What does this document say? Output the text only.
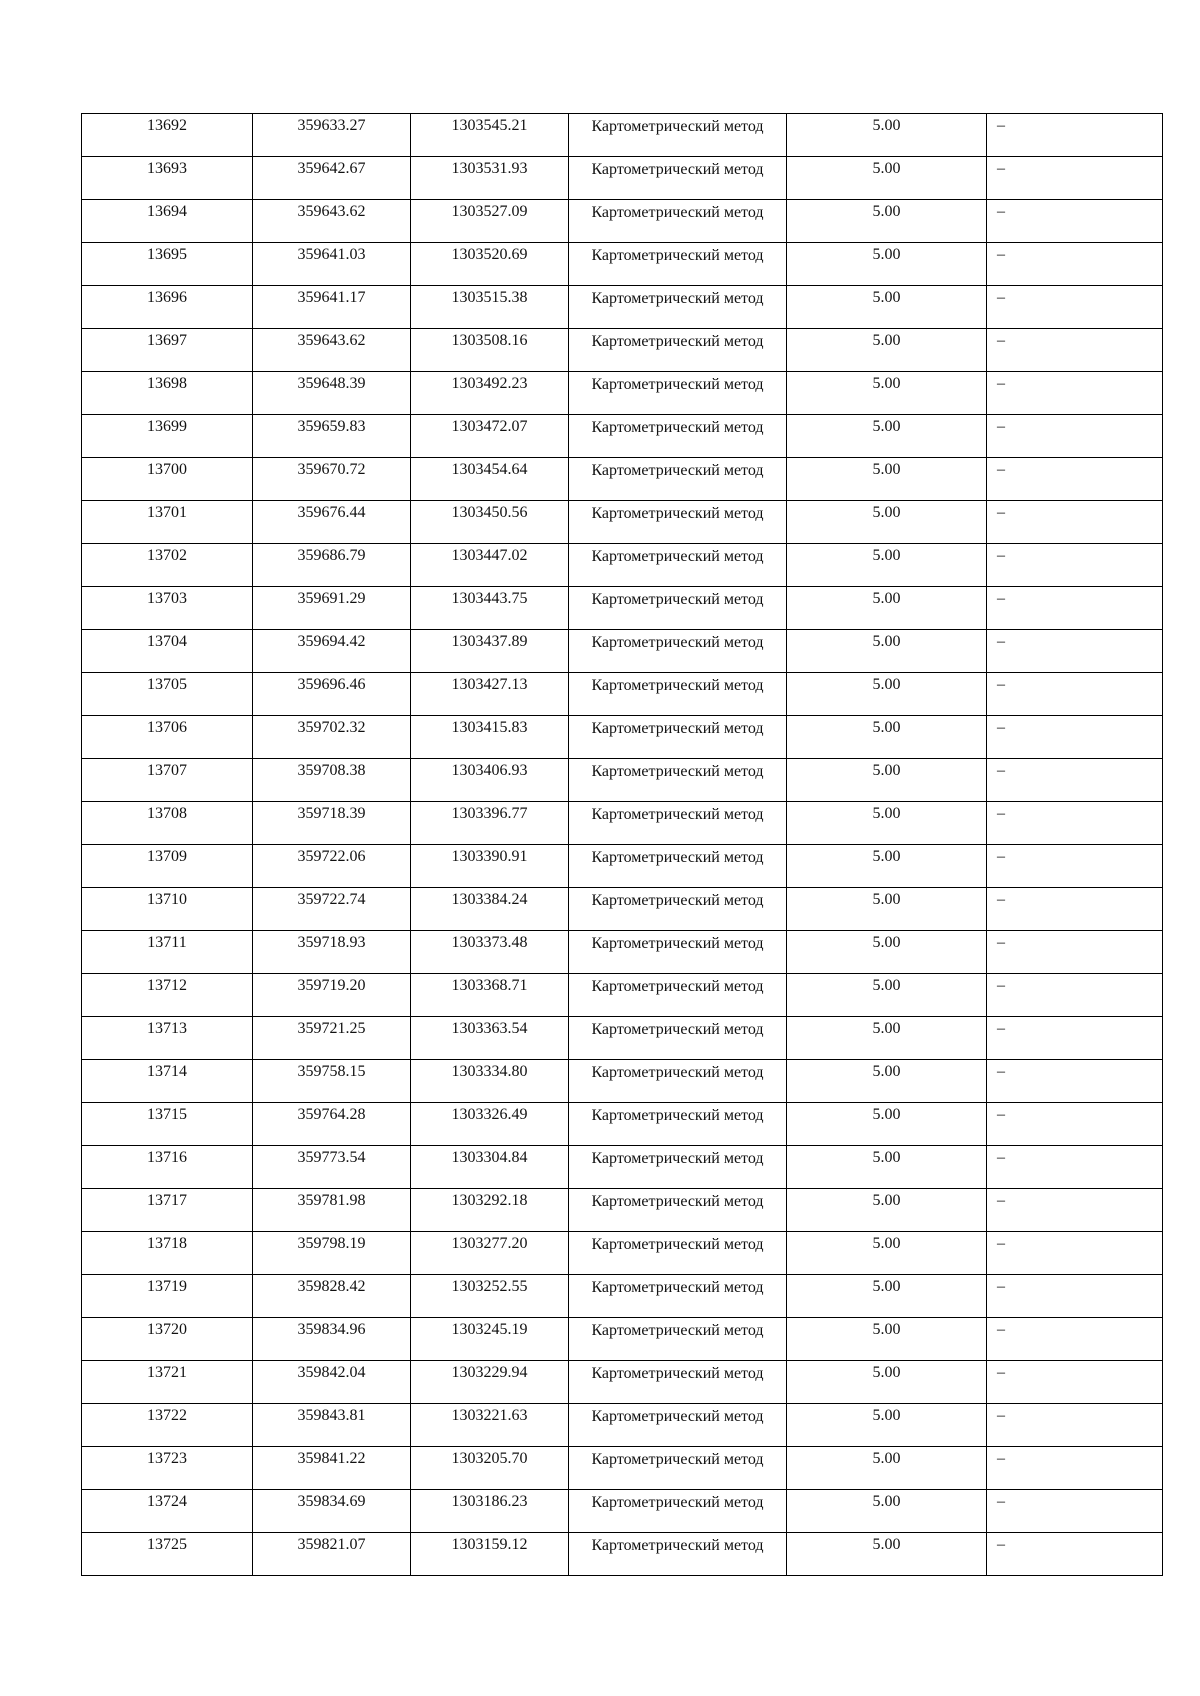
13692	359633.27	1303545.21	Картометрический метод	5.00	–

13693	359642.67	1303531.93	Картометрический метод	5.00	–

13694	359643.62	1303527.09	Картометрический метод	5.00	–

13695	359641.03	1303520.69	Картометрический метод	5.00	–

13696	359641.17	1303515.38	Картометрический метод	5.00	–

13697	359643.62	1303508.16	Картометрический метод	5.00	–

13698	359648.39	1303492.23	Картометрический метод	5.00	–

13699	359659.83	1303472.07	Картометрический метод	5.00	–

13700	359670.72	1303454.64	Картометрический метод	5.00	–

13701	359676.44	1303450.56	Картометрический метод	5.00	–

13702	359686.79	1303447.02	Картометрический метод	5.00	–

13703	359691.29	1303443.75	Картометрический метод	5.00	–

13704	359694.42	1303437.89	Картометрический метод	5.00	–

13705	359696.46	1303427.13	Картометрический метод	5.00	–

13706	359702.32	1303415.83	Картометрический метод	5.00	–

13707	359708.38	1303406.93	Картометрический метод	5.00	–

13708	359718.39	1303396.77	Картометрический метод	5.00	–

13709	359722.06	1303390.91	Картометрический метод	5.00	–

13710	359722.74	1303384.24	Картометрический метод	5.00	–

13711	359718.93	1303373.48	Картометрический метод	5.00	–

13712	359719.20	1303368.71	Картометрический метод	5.00	–

13713	359721.25	1303363.54	Картометрический метод	5.00	–

13714	359758.15	1303334.80	Картометрический метод	5.00	–

13715	359764.28	1303326.49	Картометрический метод	5.00	–

13716	359773.54	1303304.84	Картометрический метод	5.00	–

13717	359781.98	1303292.18	Картометрический метод	5.00	–

13718	359798.19	1303277.20	Картометрический метод	5.00	–

13719	359828.42	1303252.55	Картометрический метод	5.00	–

13720	359834.96	1303245.19	Картометрический метод	5.00	–

13721	359842.04	1303229.94	Картометрический метод	5.00	–

13722	359843.81	1303221.63	Картометрический метод	5.00	–

13723	359841.22	1303205.70	Картометрический метод	5.00	–

13724	359834.69	1303186.23	Картометрический метод	5.00	–

13725	359821.07	1303159.12	Картометрический метод	5.00	–
